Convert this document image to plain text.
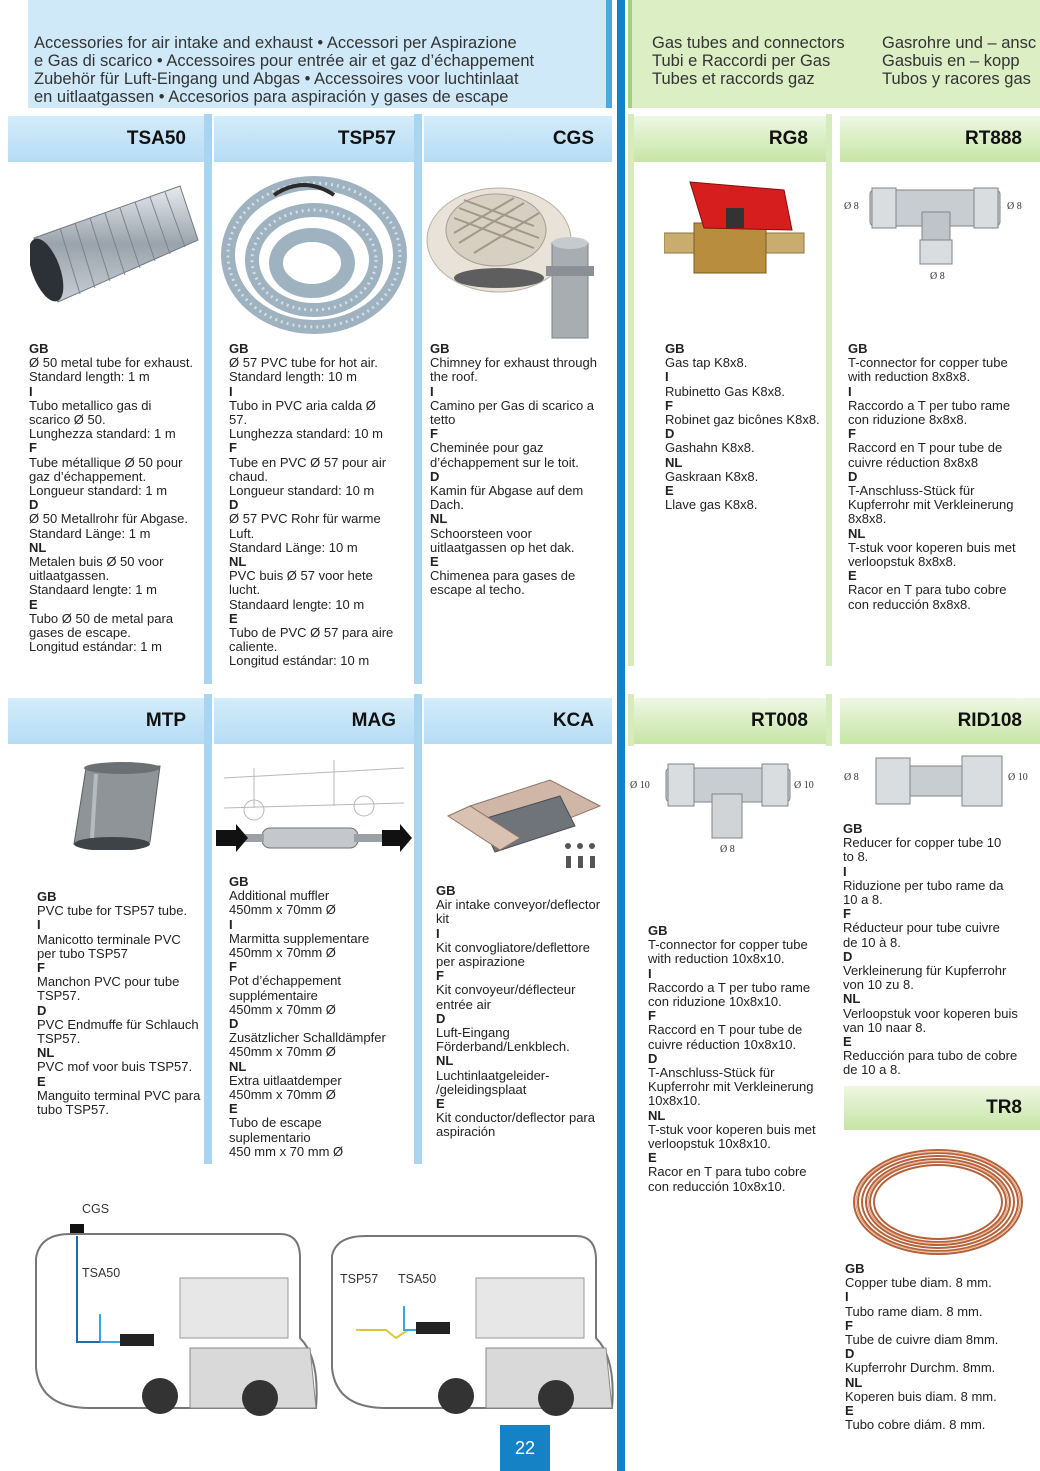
Accessories for air intake and exhaust • Accessori per Aspirazione
e Gas di scarico • Accessoires pour entrée air et gaz d’échappement
Zubehör für Luft-Eingang und Abgas • Accessoires voor luchtinlaat
en uitlaatgassen • Accesorios para aspiración y gases de escape
Gas tubes and connectors
Tubi e Raccordi per Gas
Tubes et raccords gaz
Gasrohre und – ansc
Gasbuis en – kopp
Tubos y racores gas
TSA50	TSP57	CGS	RG8	RT888
Ø 8	Ø 8
Ø 8
GB
Ø 50 metal tube for exhaust.
Standard length: 1 m
I
Tubo metallico gas di
scarico Ø 50.
Lunghezza standard: 1 m
F
Tube métallique Ø 50 pour
gaz d’échappement.
Longueur standard: 1 m
D
Ø 50 Metallrohr für Abgase.
Standard Länge: 1 m
NL
Metalen buis Ø 50 voor
uitlaatgassen.
Standaard lengte: 1 m
E
Tubo Ø 50 de metal para
gases de escape.
Longitud estándar: 1 m
GB
Ø 57 PVC tube for hot air.
Standard length: 10 m
I
Tubo in PVC aria calda Ø
57.
Lunghezza standard: 10 m
F
Tube en PVC Ø 57 pour air
chaud.
Longueur standard: 10 m
D
Ø 57 PVC Rohr für warme
Luft.
Standard Länge: 10 m
NL
PVC buis Ø 57 voor hete
lucht.
Standaard lengte: 10 m
E
Tubo de PVC Ø 57 para aire
caliente.
Longitud estándar: 10 m
GB
Chimney for exhaust through
the roof.
I
Camino per Gas di scarico a
tetto
F
Cheminée pour gaz
d’échappement sur le toit.
D
Kamin für Abgase auf dem
Dach.
NL
Schoorsteen voor
uitlaatgassen op het dak.
E
Chimenea para gases de
escape al techo.
GB
Gas tap K8x8.
I
Rubinetto Gas K8x8.
F
Robinet gaz bicônes K8x8.
D
Gashahn K8x8.
NL
Gaskraan K8x8.
E
Llave gas K8x8.
GB
T-connector for copper tube
with reduction 8x8x8.
I
Raccordo a T per tubo rame
con riduzione 8x8x8.
F
Raccord en T pour tube de
cuivre réduction 8x8x8
D
T-Anschluss-Stück für
Kupferrohr mit Verkleinerung
8x8x8.
NL
T-stuk voor koperen buis met
verloopstuk 8x8x8.
E
Racor en T para tubo cobre
con reducción 8x8x8.
MTP	MAG	KCA	RT008	RID108
Ø 10	Ø 10
Ø 8
Ø 8	Ø 10
GB
PVC tube for TSP57 tube.
I
Manicotto terminale PVC
per tubo TSP57
F
Manchon PVC pour tube
TSP57.
D
PVC Endmuffe für Schlauch
TSP57.
NL
PVC mof voor buis TSP57.
E
Manguito terminal PVC para
tubo TSP57.
GB
Additional muffler
450mm x 70mm Ø
I
Marmitta supplementare
450mm x 70mm Ø
F
Pot d’échappement
supplémentaire
450mm x 70mm Ø
D
Zusätzlicher Schalldämpfer
450mm x 70mm Ø
NL
Extra uitlaatdemper
450mm x 70mm Ø
E
Tubo de escape
suplementario
450 mm x 70 mm Ø
GB
Air intake conveyor/deflector
kit
I
Kit convogliatore/deflettore
per aspirazione
F
Kit convoyeur/déflecteur
entrée air
D
Luft-Eingang
Förderband/Lenkblech.
NL
Luchtinlaatgeleider-
/geleidingsplaat
E
Kit conductor/deflector para
aspiración
GB
T-connector for copper tube
with reduction 10x8x10.
I
Raccordo a T per tubo rame
con riduzione 10x8x10.
F
Raccord en T pour tube de
cuivre réduction 10x8x10.
D
T-Anschluss-Stück für
Kupferrohr mit Verkleinerung
10x8x10.
NL
T-stuk voor koperen buis met
verloopstuk 10x8x10.
E
Racor en T para tubo cobre
con reducción 10x8x10.
GB
Reducer for copper tube 10
to 8.
I
Riduzione per tubo rame da
10 a 8.
F
Réducteur pour tube cuivre
de 10 à 8.
D
Verkleinerung für Kupferrohr
von 10 zu 8.
NL
Verloopstuk voor koperen buis
van 10 naar 8.
E
Reducción para tubo de cobre
de 10 a 8.
TR8
GB
Copper tube diam. 8 mm.
I
Tubo rame diam. 8 mm.
F
Tube de cuivre diam 8mm.
D
Kupferrohr Durchm. 8mm.
NL
Koperen buis diam. 8 mm.
E
Tubo cobre diám. 8 mm.
CGS
TSA50	TSP57 TSA50
22
